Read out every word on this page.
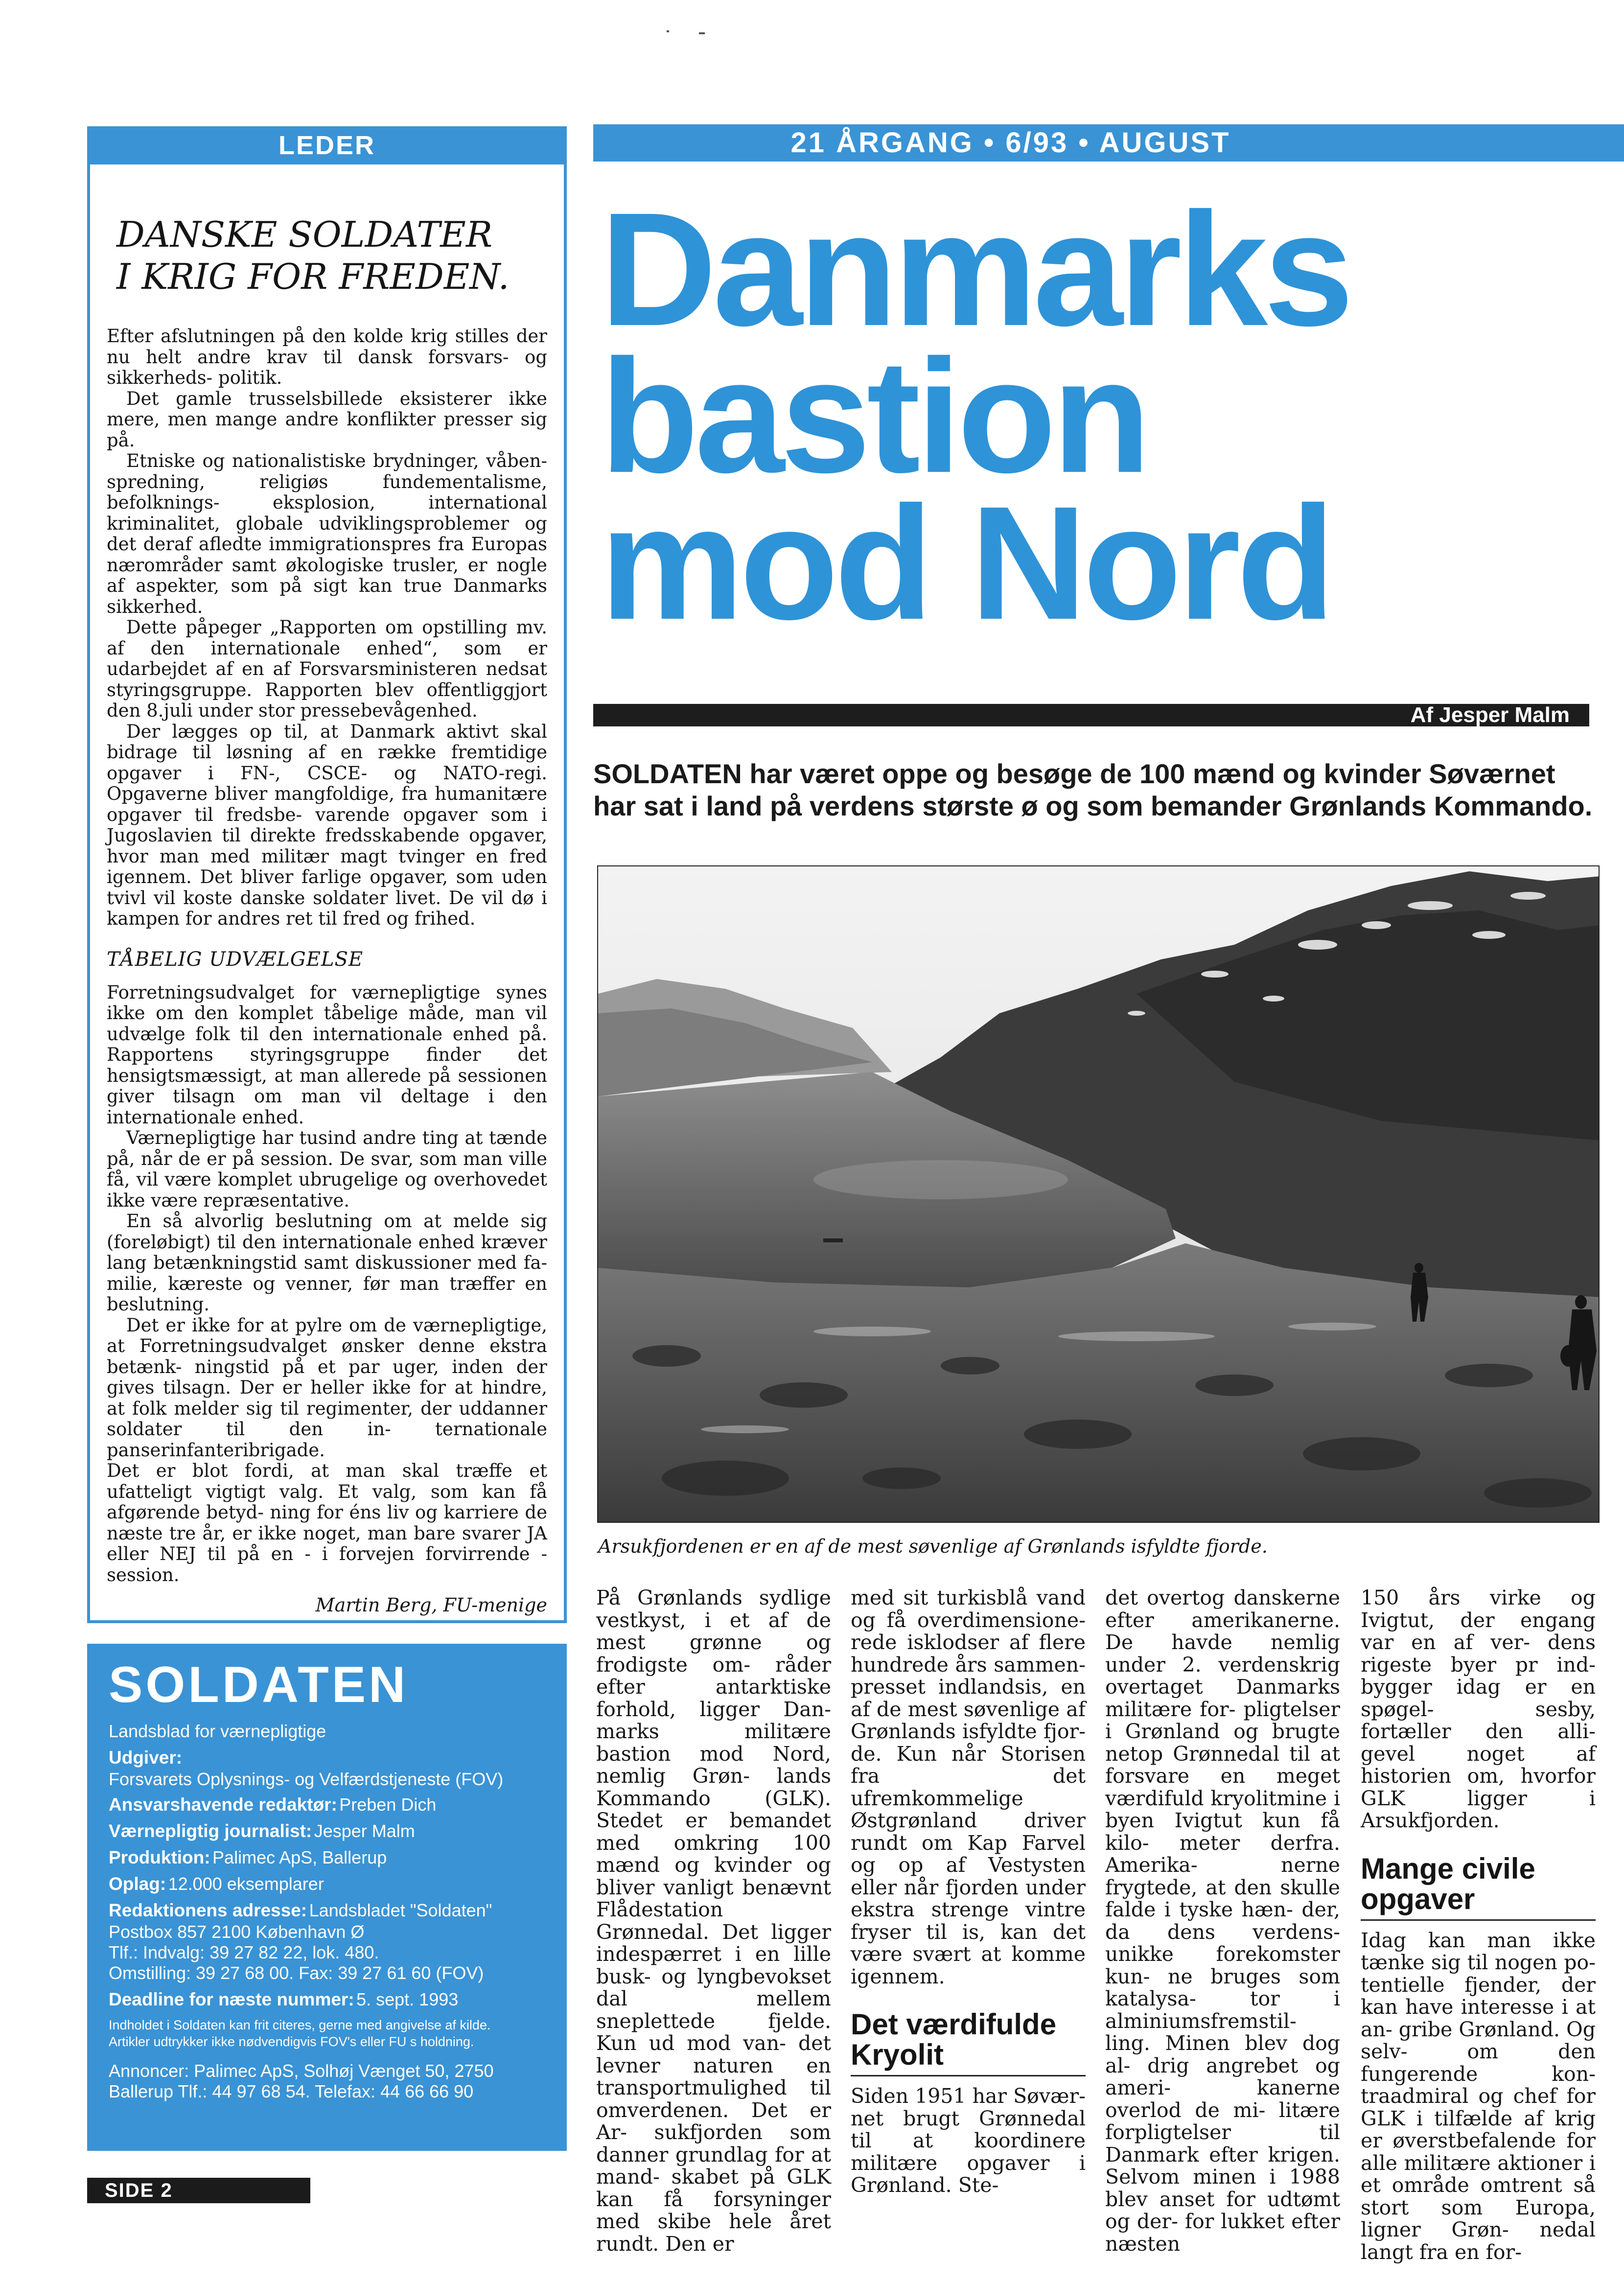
LEDER
DANSKE SOLDATER
I KRIG FOR FREDEN.

Efter afslutningen på den kolde krig stilles der nu helt andre krav til dansk forsvars- og sikkerheds- politik.

Det gamle trusselsbillede eksisterer ikke mere, men mange andre konflikter presser sig på.

Etniske og nationalistiske brydninger, våben- spredning, religiøs fundementalisme, befolknings- eksplosion, international kriminalitet, globale udviklingsproblemer og det deraf afledte immigrationspres fra Europas nærområder samt økologiske trusler, er nogle af aspekter, som på sigt kan true Danmarks sikkerhed.

Dette påpeger „Rapporten om opstilling mv. af den internationale enhed“, som er udarbejdet af en af Forsvarsministeren nedsat styringsgruppe. Rapporten blev offentliggjort den 8.juli under stor pressebevågenhed.

Der lægges op til, at Danmark aktivt skal bidrage til løsning af en række fremtidige opgaver i FN-, CSCE- og NATO-regi. Opgaverne bliver mangfoldige, fra humanitære opgaver til fredsbe- varende opgaver som i Jugoslavien til direkte fredsskabende opgaver, hvor man med militær magt tvinger en fred igennem. Det bliver farlige opgaver, som uden tvivl vil koste danske soldater livet. De vil dø i kampen for andres ret til fred og frihed.

TÅBELIG UDVÆLGELSE

Forretningsudvalget for værnepligtige synes ikke om den komplet tåbelige måde, man vil udvælge folk til den internationale enhed på. Rapportens styringsgruppe finder det hensigtsmæssigt, at man allerede på sessionen giver tilsagn om man vil deltage i den internationale enhed.

Værnepligtige har tusind andre ting at tænde på, når de er på session. De svar, som man ville få, vil være komplet ubrugelige og overhovedet ikke være repræsentative.

En så alvorlig beslutning om at melde sig (foreløbigt) til den internationale enhed kræver lang betænkningstid samt diskussioner med fa- milie, kæreste og venner, før man træffer en beslutning.

Det er ikke for at pylre om de værnepligtige, at Forretningsudvalget ønsker denne ekstra betænk- ningstid på et par uger, inden der gives tilsagn. Der er heller ikke for at hindre, at folk melder sig til regimenter, der uddanner soldater til den in- ternationale panserinfanteribrigade.

Det er blot fordi, at man skal træffe et ufatteligt vigtigt valg. Et valg, som kan få afgørende betyd- ning for éns liv og karriere de næste tre år, er ikke noget, man bare svarer JA eller NEJ til på en - i forvejen forvirrende - session.

Martin Berg, FU-menige
SOLDATEN
Landsblad for værnepligtige
Udgiver:
Forsvarets Oplysnings- og Velfærdstjeneste (FOV)
Ansvarshavende redaktør: Preben Dich
Værnepligtig journalist: Jesper Malm
Produktion: Palimec ApS, Ballerup
Oplag: 12.000 eksemplarer
Redaktionens adresse: Landsbladet "Soldaten"
Postbox 857 2100 København Ø
Tlf.: Indvalg: 39 27 82 22, lok. 480.
Omstilling: 39 27 68 00. Fax: 39 27 61 60 (FOV)
Deadline for næste nummer: 5. sept. 1993
Indholdet i Soldaten kan frit citeres, gerne med angivelse af kilde.
Artikler udtrykker ikke nødvendigvis FOV's eller FU s holdning.
Annoncer: Palimec ApS, Solhøj Vænget 50, 2750
Ballerup Tlf.: 44 97 68 54. Telefax: 44 66 66 90
SIDE 2
21 ÅRGANG • 6/93 • AUGUST
Danmarks
bastion
mod Nord
Af Jesper Malm
SOLDATEN har været oppe og besøge de 100 mænd og kvinder Søværnet
har sat i land på verdens største ø og som bemander Grønlands Kommando.
Arsukfjordenen er en af de mest søvenlige af Grønlands isfyldte fjorde.

På Grønlands sydlige vestkyst, i et af de mest grønne og frodigste om- råder efter antarktiske forhold, ligger Dan- marks militære bastion mod Nord, nemlig Grøn- lands Kommando (GLK). Stedet er bemandet med omkring 100 mænd og kvinder og bliver vanligt benævnt Flådestation Grønnedal. Det ligger indespærret i en lille busk- og lyngbevokset dal mellem sneplettede fjelde. Kun ud mod van- det levner naturen en transportmulighed til omverdenen. Det er Ar- sukfjorden som danner grundlag for at mand- skabet på GLK kan få forsyninger med skibe hele året rundt. Den er

med sit turkisblå vand og få overdimensione- rede isklodser af flere hundrede års sammen- presset indlandsis, en af de mest søvenlige af Grønlands isfyldte fjor- de. Kun når Storisen fra det ufremkommelige Østgrønland driver rundt om Kap Farvel og op af Vestysten eller når fjorden under ekstra strenge vintre fryser til is, kan det være svært at komme igennem.

Det værdifulde Kryolit

Siden 1951 har Søvær- net brugt Grønnedal til at koordinere militære opgaver i Grønland. Ste-

det overtog danskerne efter amerikanerne. De havde nemlig under 2. verdenskrig overtaget Danmarks militære for- pligtelser i Grønland og brugte netop Grønnedal til at forsvare en meget værdifuld kryolitmine i byen Ivigtut kun få kilo- meter derfra. Amerika- nerne frygtede, at den skulle falde i tyske hæn- der, da dens verdens- unikke forekomster kun- ne bruges som katalysa- tor i alminiumsfremstil- ling. Minen blev dog al- drig angrebet og ameri- kanerne overlod de mi- litære forpligtelser til Danmark efter krigen. Selvom minen i 1988 blev anset for udtømt og der- for lukket efter næsten

150 års virke og Ivigtut, der engang var en af ver- dens rigeste byer pr ind- bygger idag er en spøgel- sesby, fortæller den alli- gevel noget af historien om, hvorfor GLK ligger i Arsukfjorden.

Mange civile opgaver

Idag kan man ikke tænke sig til nogen po- tentielle fjender, der kan have interesse i at an- gribe Grønland. Og selv- om den fungerende kon- traadmiral og chef for GLK i tilfælde af krig er øverstbefalende for alle militære aktioner i et område omtrent så stort som Europa, ligner Grøn- nedal langt fra en for-
